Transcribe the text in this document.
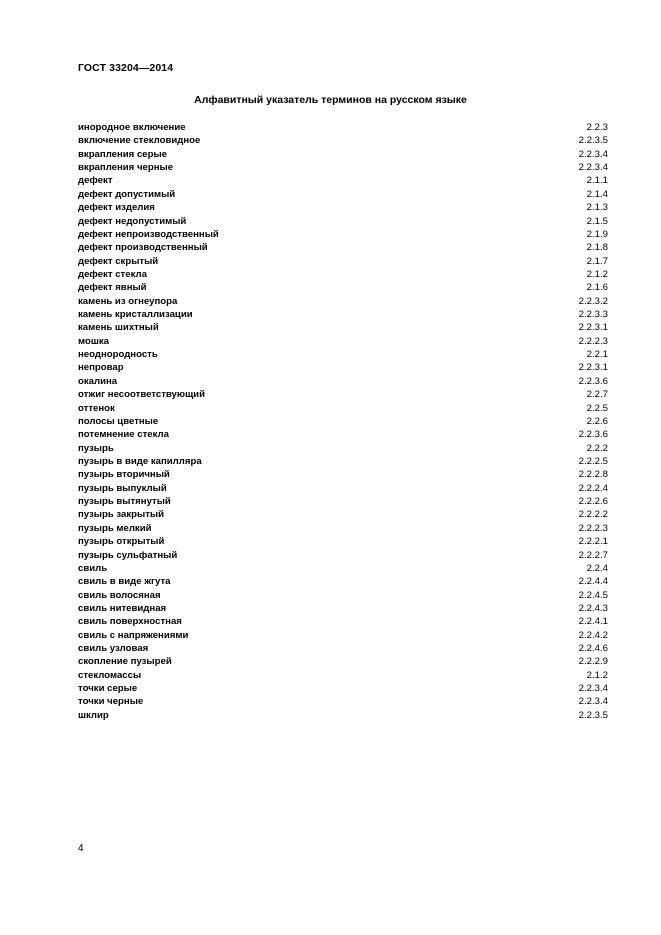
ГОСТ 33204—2014
Алфавитный указатель терминов на русском языке
инородное включение	2.2.3
включение стекловидное	2.2.3.5
вкрапления серые	2.2.3.4
вкрапления черные	2.2.3.4
дефект	2.1.1
дефект допустимый	2.1.4
дефект изделия	2.1.3
дефект недопустимый	2.1.5
дефект непроизводственный	2.1.9
дефект производственный	2.1.8
дефект скрытый	2.1.7
дефект стекла	2.1.2
дефект явный	2.1.6
камень из огнеупора	2.2.3.2
камень кристаллизации	2.2.3.3
камень шихтный	2.2.3.1
мошка	2.2.2.3
неоднородность	2.2.1
непровар	2.2.3.1
окалина	2.2.3.6
отжиг несоответствующий	2.2.7
оттенок	2.2.5
полосы цветные	2.2.6
потемнение стекла	2.2.3.6
пузырь	2.2.2
пузырь в виде капилляра	2.2.2.5
пузырь вторичный	2.2.2.8
пузырь выпуклый	2.2.2.4
пузырь вытянутый	2.2.2.6
пузырь закрытый	2.2.2.2
пузырь мелкий	2.2.2.3
пузырь открытый	2.2.2.1
пузырь сульфатный	2.2.2.7
свиль	2.2.4
свиль в виде жгута	2.2.4.4
свиль волосяная	2.2.4.5
свиль нитевидная	2.2.4.3
свиль поверхностная	2.2.4.1
свиль с напряжениями	2.2.4.2
свиль узловая	2.2.4.6
скопление пузырей	2.2.2.9
стекломассы	2.1.2
точки серые	2.2.3.4
точки черные	2.2.3.4
шклир	2.2.3.5
4
